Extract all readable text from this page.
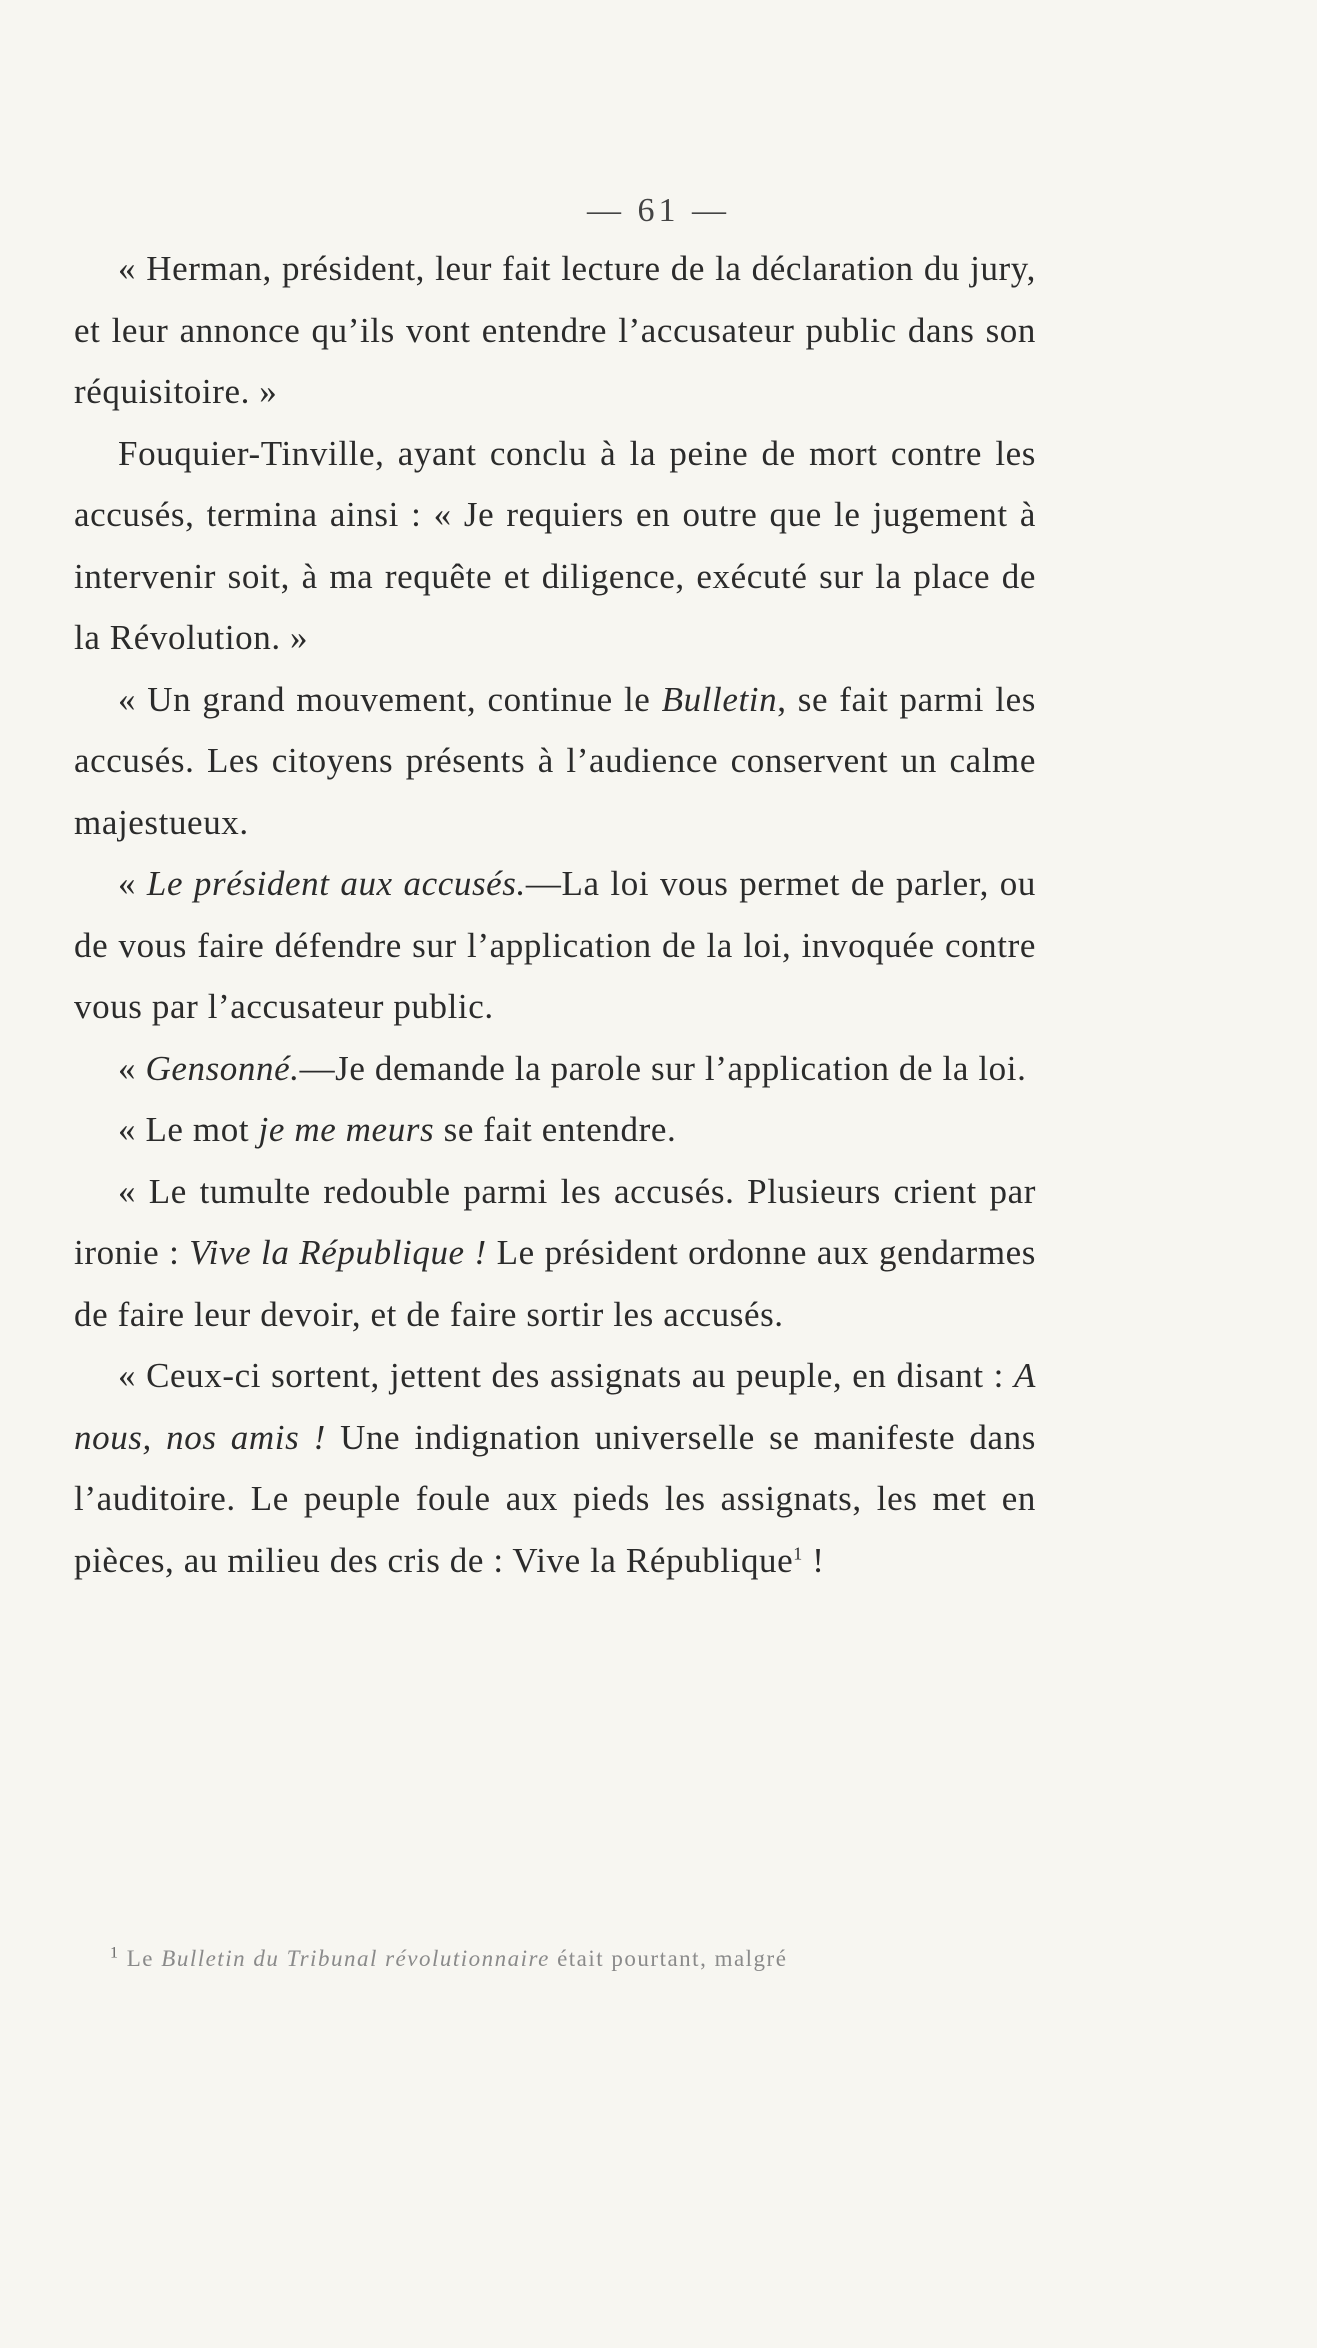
— 61 —

« Herman, président, leur fait lecture de la déclaration du jury, et leur annonce qu’ils vont entendre l’accusateur public dans son réquisitoire. »

Fouquier-Tinville, ayant conclu à la peine de mort contre les accusés, termina ainsi : « Je requiers en outre que le jugement à intervenir soit, à ma requête et diligence, exécuté sur la place de la Révolution. »

« Un grand mouvement, continue le Bulletin, se fait parmi les accusés. Les citoyens présents à l’audience conservent un calme majestueux.

« Le président aux accusés.—La loi vous permet de parler, ou de vous faire défendre sur l’application de la loi, invoquée contre vous par l’accusateur public.

« Gensonné.—Je demande la parole sur l’application de la loi.

« Le mot je me meurs se fait entendre.

« Le tumulte redouble parmi les accusés. Plusieurs crient par ironie : Vive la République ! Le président ordonne aux gendarmes de faire leur devoir, et de faire sortir les accusés.

« Ceux-ci sortent, jettent des assignats au peuple, en disant : A nous, nos amis ! Une indignation universelle se manifeste dans l’auditoire. Le peuple foule aux pieds les assignats, les met en pièces, au milieu des cris de : Vive la République$^1$ !

$^1$ Le Bulletin du Tribunal révolutionnaire était pourtant, malgré
